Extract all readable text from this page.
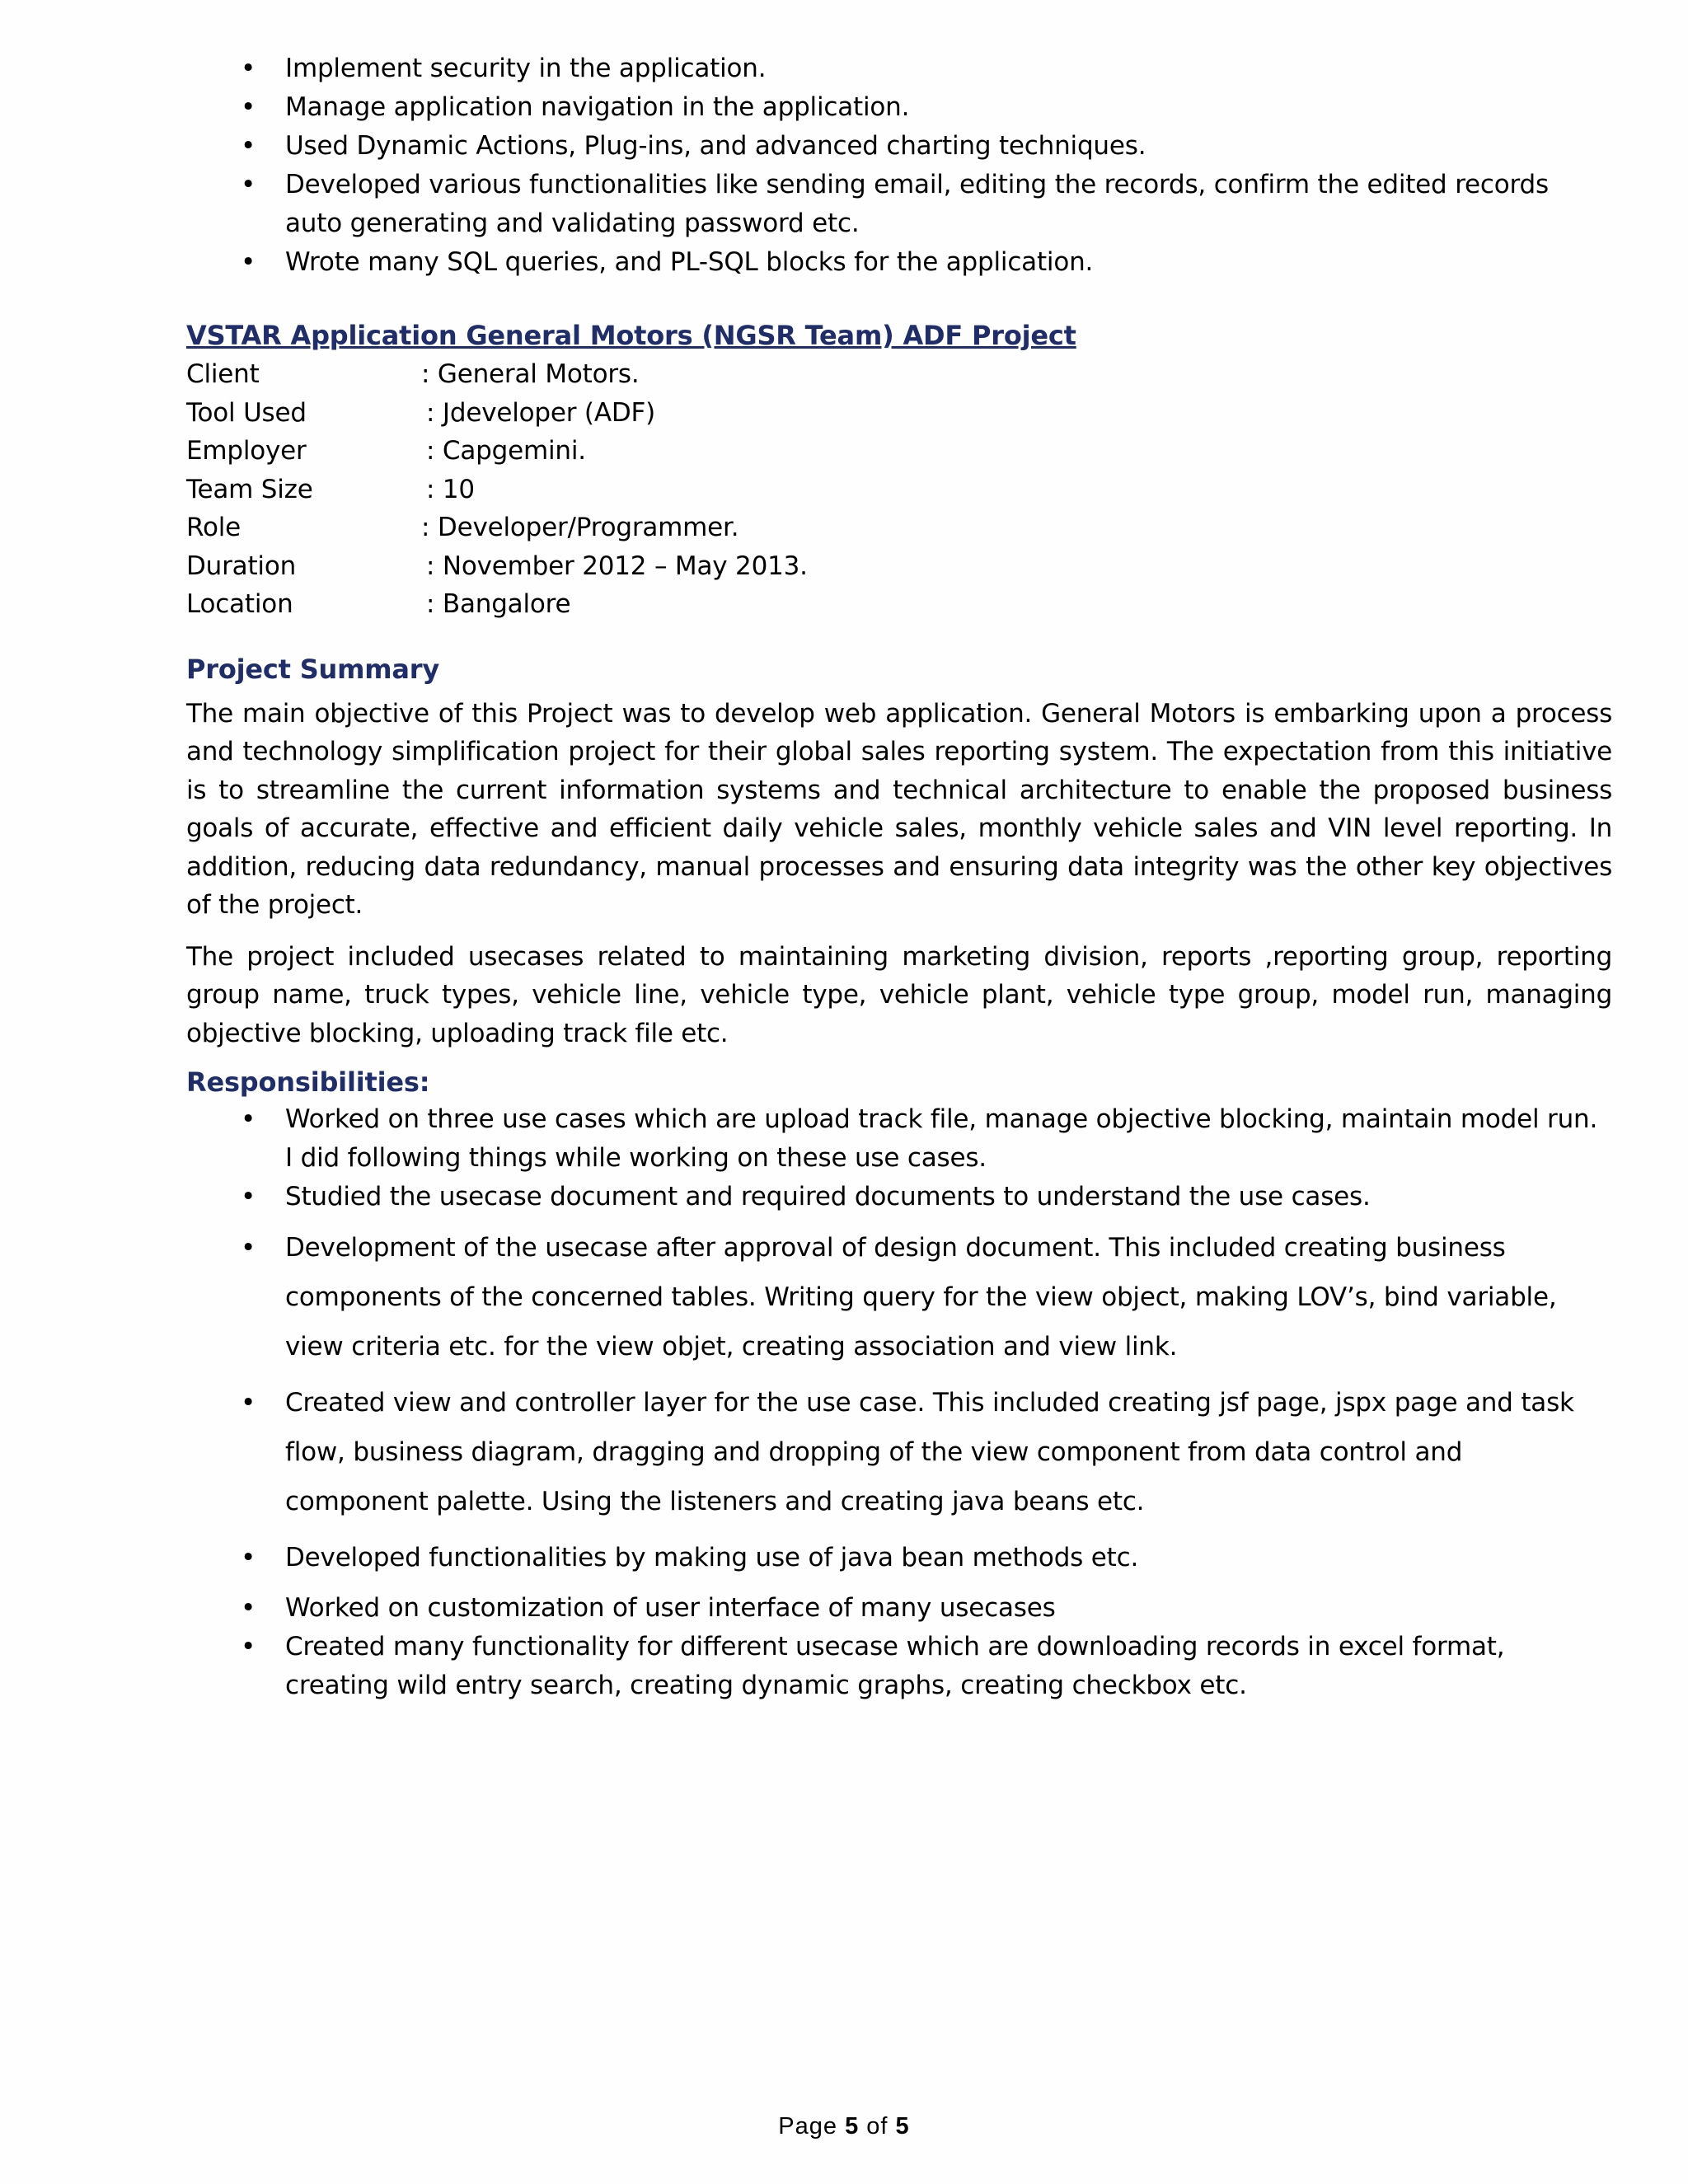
• Implement security in the application.
• Manage application navigation in the application.
• Used Dynamic Actions, Plug-ins, and advanced charting techniques.
• Developed various functionalities like sending email, editing the records, confirm the edited records auto generating and validating password etc.
• Wrote many SQL queries, and PL-SQL blocks for the application.
VSTAR Application General Motors (NGSR Team) ADF Project
Client	: General Motors.
Tool Used	: Jdeveloper (ADF)
Employer	: Capgemini.
Team Size	: 10
Role	: Developer/Programmer.
Duration	: November 2012 – May 2013.
Location	: Bangalore
Project Summary

The main objective of this Project was to develop web application. General Motors is embarking upon a process and technology simplification project for their global sales reporting system. The expectation from this initiative is to streamline the current information systems and technical architecture to enable the proposed business goals of accurate, effective and efficient daily vehicle sales, monthly vehicle sales and VIN level reporting. In addition, reducing data redundancy, manual processes and ensuring data integrity was the other key objectives of the project.

The project included usecases related to maintaining marketing division, reports ,reporting group, reporting group name, truck types, vehicle line, vehicle type, vehicle plant, vehicle type group, model run, managing objective blocking, uploading track file etc.

Responsibilities:
• Worked on three use cases which are upload track file, manage objective blocking, maintain model run. I did following things while working on these use cases.
• Studied the usecase document and required documents to understand the use cases.
• Development of the usecase after approval of design document. This included creating business components of the concerned tables. Writing query for the view object, making LOV’s, bind variable, view criteria etc. for the view objet, creating association and view link.
• Created view and controller layer for the use case. This included creating jsf page, jspx page and task flow, business diagram, dragging and dropping of the view component from data control and component palette. Using the listeners and creating java beans etc.
• Developed functionalities by making use of java bean methods etc.
• Worked on customization of user interface of many usecases
• Created many functionality for different usecase which are downloading records in excel format, creating wild entry search, creating dynamic graphs, creating checkbox etc.
Page 5 of 5
